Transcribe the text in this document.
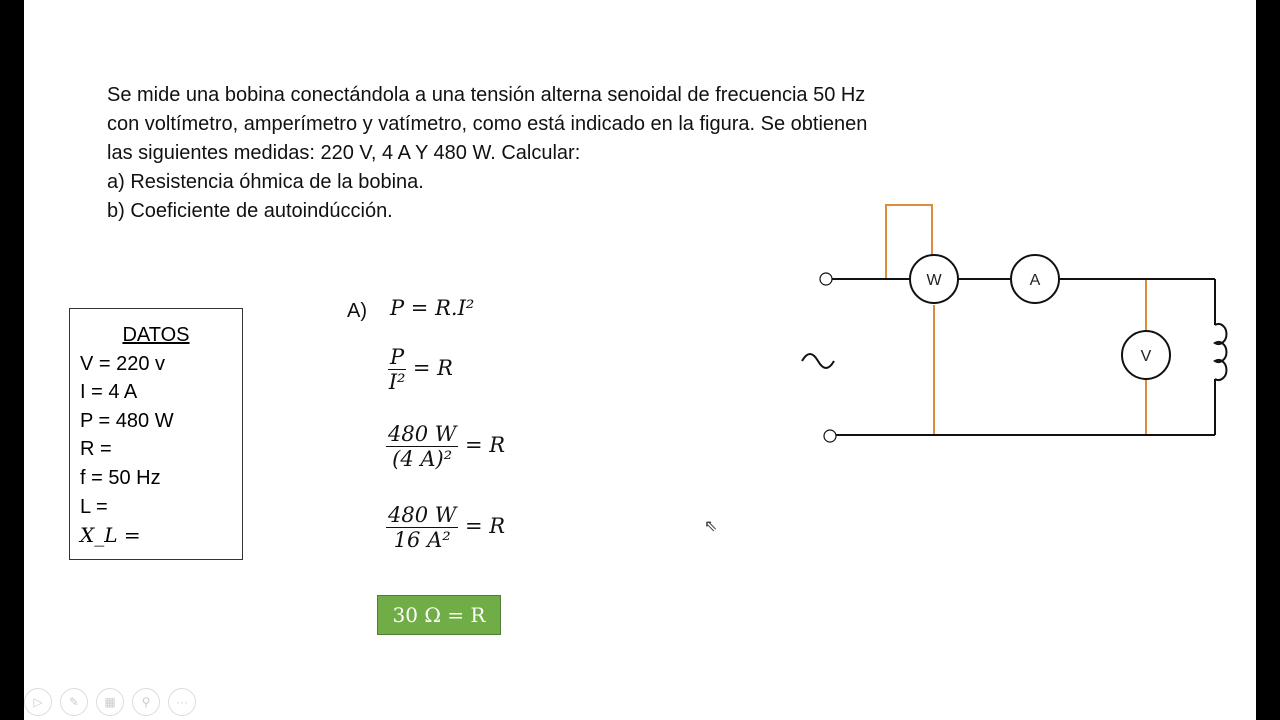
Se mide una bobina conectándola a una tensión alterna senoidal de frecuencia 50 Hz
con voltímetro, amperímetro y vatímetro, como está indicado en la figura. Se obtienen
las siguientes medidas: 220 V, 4 A Y 480 W. Calcular:
a) Resistencia óhmica de la bobina.
b) Coeficiente de autoindúcción.
DATOS
V = 220 v
I = 4 A
P = 480 W
R =
f = 50 Hz
L =
X_L =
A) P = R.I²
$\frac{P}{\text{I²}} = R$
$\frac{480 W}{\text{(4 A)²}} = R$
$\frac{480 W}{\text{16 A²}} = R$
30 Ω = R
W	A
V
⇖
▷	✎	▦	⚲	···
